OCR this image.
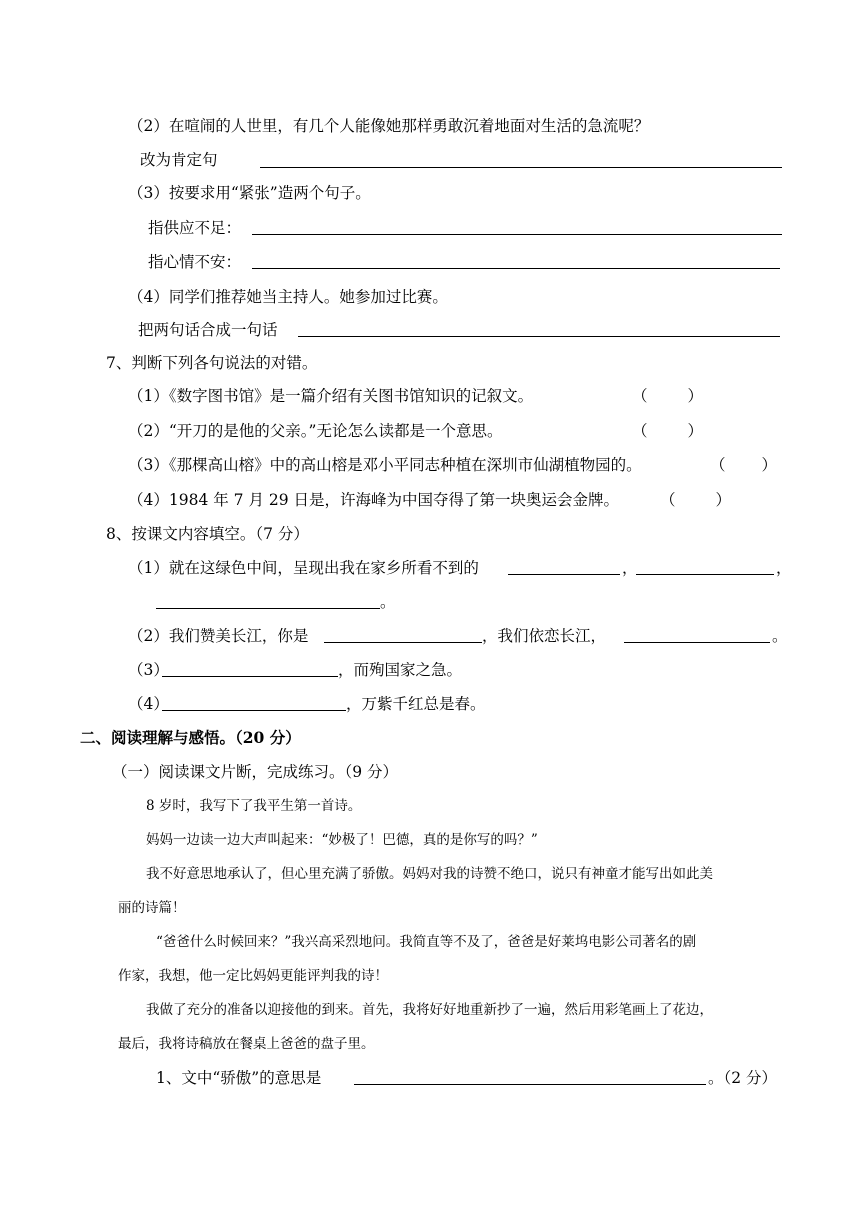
（2）在喧闹的人世里，有几个人能像她那样勇敢沉着地面对生活的急流呢？
改为肯定句
（3）按要求用“紧张”造两个句子。
指供应不足：
指心情不安：
（4）同学们推荐她当主持人。她参加过比赛。
把两句话合成一句话
7、判断下列各句说法的对错。
（1）《数字图书馆》是一篇介绍有关图书馆知识的记叙文。	（	）
（2）“开刀的是他的父亲。”无论怎么读都是一个意思。	（	）
（3）《那棵高山榕》中的高山榕是邓小平同志种植在深圳市仙湖植物园的。	（ ）
（4）1984 年 7 月 29 日是，许海峰为中国夺得了第一块奥运会金牌。	（	）
8、按课文内容填空。（7 分）
（1）就在这绿色中间，呈现出我在家乡所看不到的	，	，
。
（2）我们赞美长江，你是	，我们依恋长江，	。
（3）	，而殉国家之急。
（4）	，万紫千红总是春。
二、阅读理解与感悟。（20 分）
（一）阅读课文片断，完成练习。（9 分）
8 岁时，我写下了我平生第一首诗。
妈妈一边读一边大声叫起来：“妙极了！巴德，真的是你写的吗？”
我不好意思地承认了，但心里充满了骄傲。妈妈对我的诗赞不绝口，说只有神童才能写出如此美
丽的诗篇！
“爸爸什么时候回来？”我兴高采烈地问。我简直等不及了，爸爸是好莱坞电影公司著名的剧
作家，我想，他一定比妈妈更能评判我的诗！
我做了充分的准备以迎接他的到来。首先，我将好好地重新抄了一遍，然后用彩笔画上了花边，
最后，我将诗稿放在餐桌上爸爸的盘子里。
1、文中“骄傲”的意思是	。（2 分）
